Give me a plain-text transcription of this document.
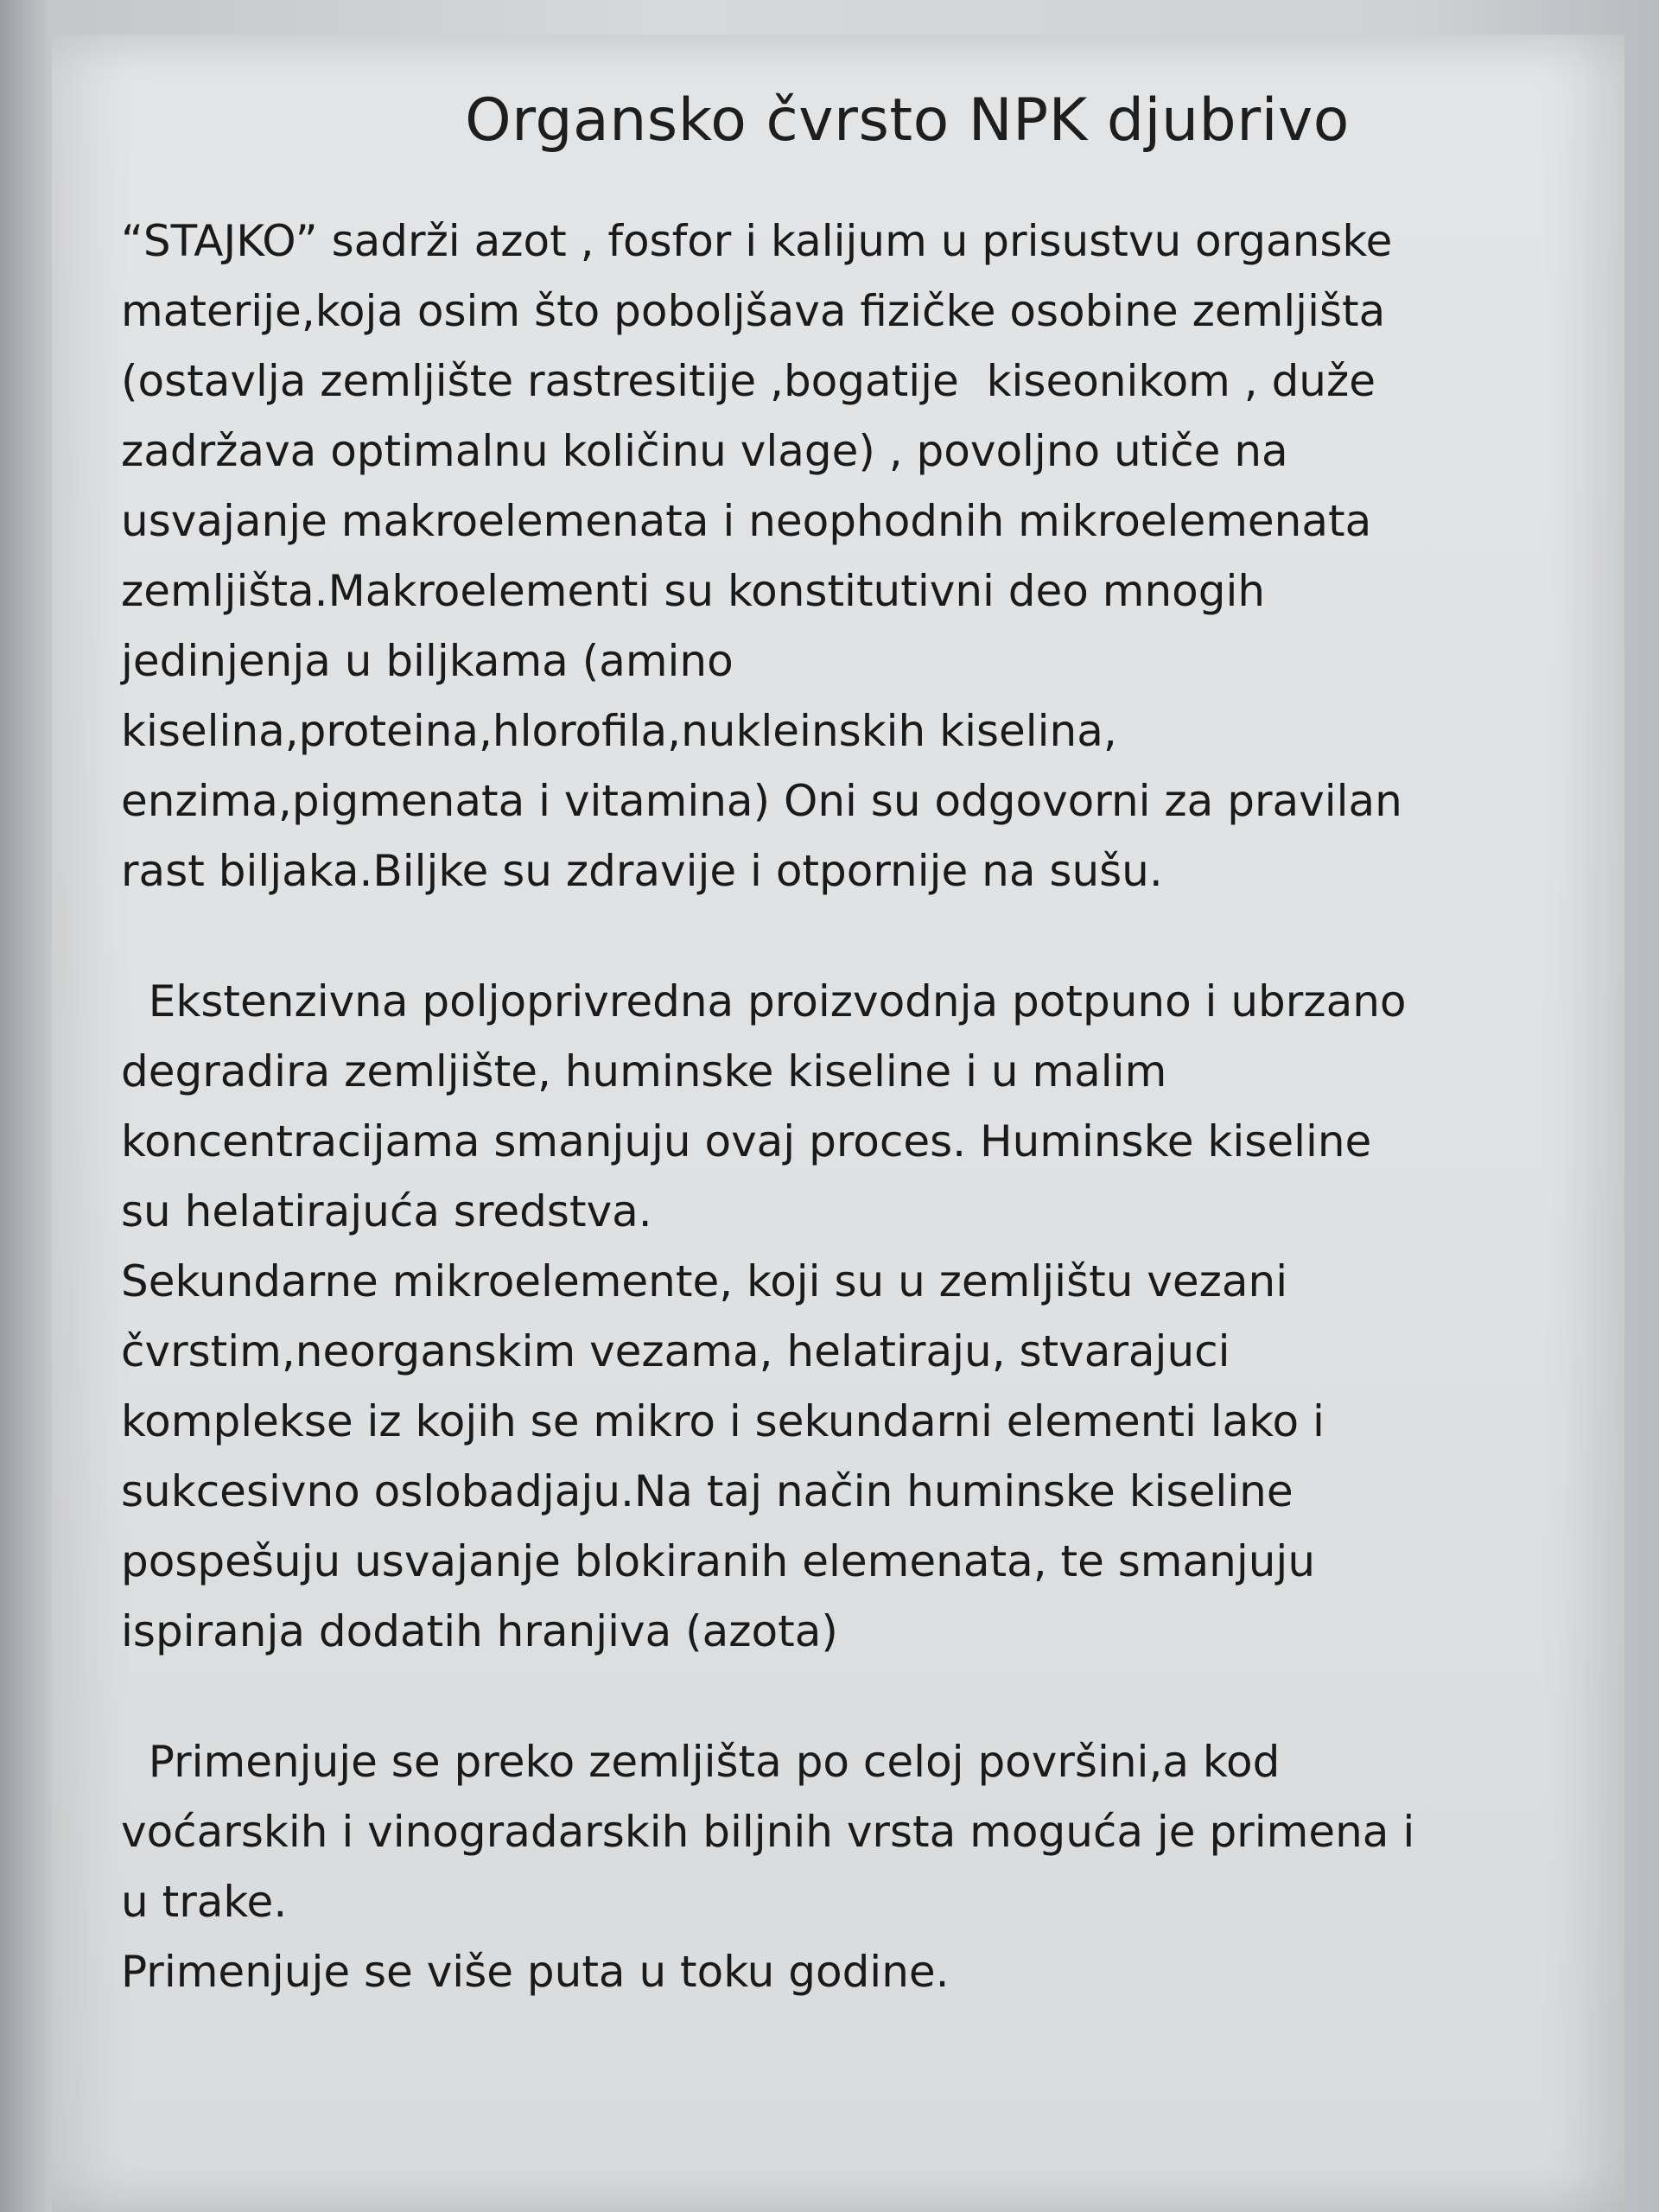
Organsko čvrsto NPK djubrivo

“STAJKO” sadrži azot , fosfor i kalijum u prisustvu organske
materije,koja osim što poboljšava fizičke osobine zemljišta
(ostavlja zemljište rastresitije ,bogatije  kiseonikom , duže
zadržava optimalnu količinu vlage) , povoljno utiče na
usvajanje makroelemenata i neophodnih mikroelemenata
zemljišta.Makroelementi su konstitutivni deo mnogih
jedinjenja u biljkama (amino
kiselina,proteina,hlorofila,nukleinskih kiselina,
enzima,pigmenata i vitamina) Oni su odgovorni za pravilan
rast biljaka.Biljke su zdravije i otpornije na sušu.

Ekstenzivna poljoprivredna proizvodnja potpuno i ubrzano
degradira zemljište, huminske kiseline i u malim
koncentracijama smanjuju ovaj proces. Huminske kiseline
su helatirajuća sredstva.

Sekundarne mikroelemente, koji su u zemljištu vezani
čvrstim,neorganskim vezama, helatiraju, stvarajuci
komplekse iz kojih se mikro i sekundarni elementi lako i
sukcesivno oslobadjaju.Na taj način huminske kiseline
pospešuju usvajanje blokiranih elemenata, te smanjuju
ispiranja dodatih hranjiva (azota)

Primenjuje se preko zemljišta po celoj površini,a kod
voćarskih i vinogradarskih biljnih vrsta moguća je primena i
u trake.

Primenjuje se više puta u toku godine.
